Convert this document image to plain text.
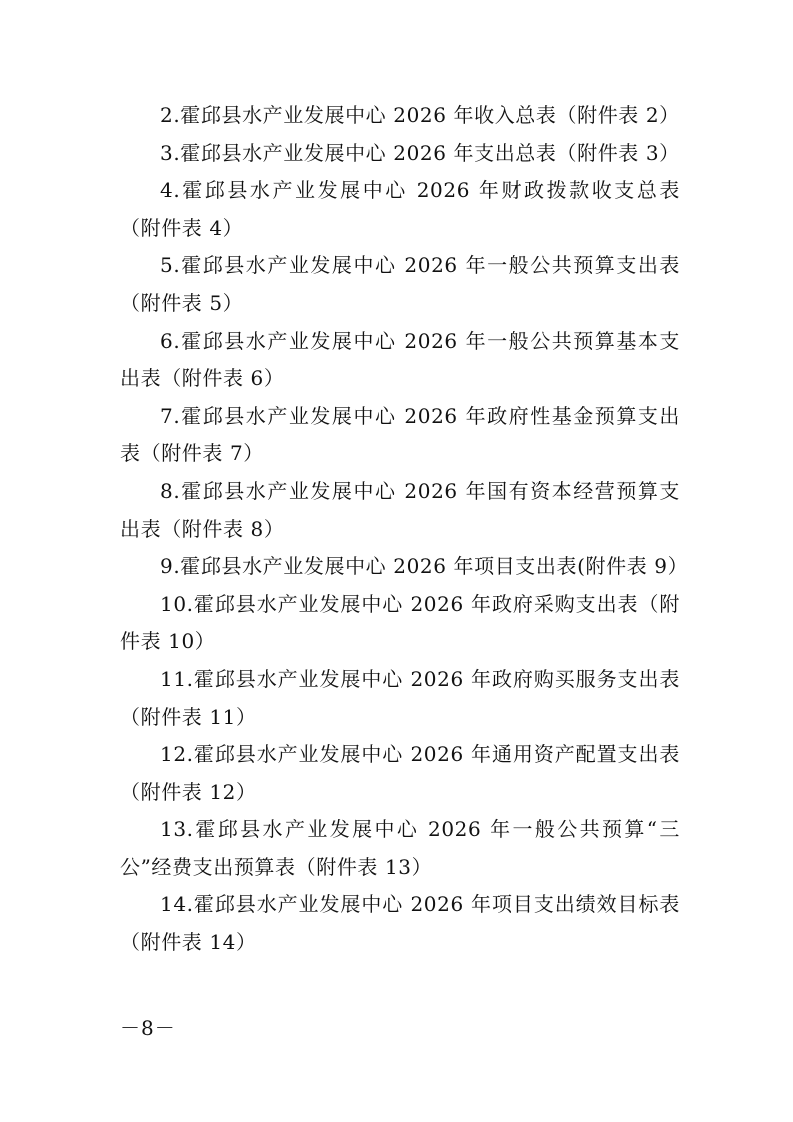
2.霍邱县水产业发展中心 2026 年收入总表（附件表 2）

3.霍邱县水产业发展中心 2026 年支出总表（附件表 3）

4.霍邱县水产业发展中心 2026 年财政拨款收支总表（附件表 4）

5.霍邱县水产业发展中心 2026 年一般公共预算支出表（附件表 5）

6.霍邱县水产业发展中心 2026 年一般公共预算基本支出表（附件表 6）

7.霍邱县水产业发展中心 2026 年政府性基金预算支出表（附件表 7）

8.霍邱县水产业发展中心 2026 年国有资本经营预算支出表（附件表 8）

9.霍邱县水产业发展中心 2026 年项目支出表(附件表 9）

10.霍邱县水产业发展中心 2026 年政府采购支出表（附件表 10）

11.霍邱县水产业发展中心 2026 年政府购买服务支出表（附件表 11）

12.霍邱县水产业发展中心 2026 年通用资产配置支出表（附件表 12）

13.霍邱县水产业发展中心 2026 年一般公共预算“三公”经费支出预算表（附件表 13）

14.霍邱县水产业发展中心 2026 年项目支出绩效目标表（附件表 14）

－8－
